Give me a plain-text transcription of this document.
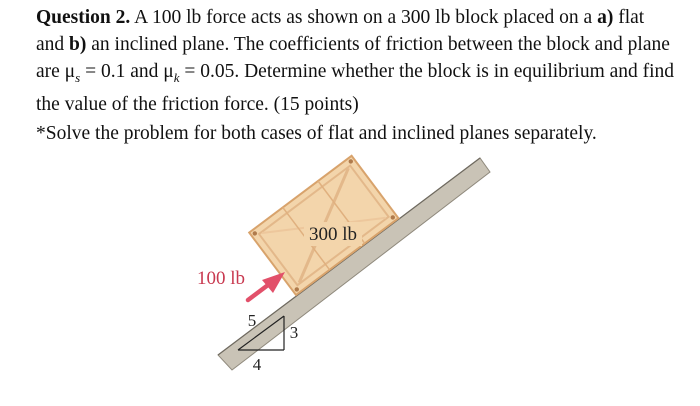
Question 2. A 100 lb force acts as shown on a 300 lb block placed on a a) flat and b) an inclined plane. The coefficients of friction between the block and plane are $\mu_s = 0.1$ and $\mu_k = 0.05$. Determine whether the block is in equilibrium and find the value of the friction force. (15 points)

*Solve the problem for both cases of flat and inclined planes separately.
300 lb
100 lb
5
3
4
